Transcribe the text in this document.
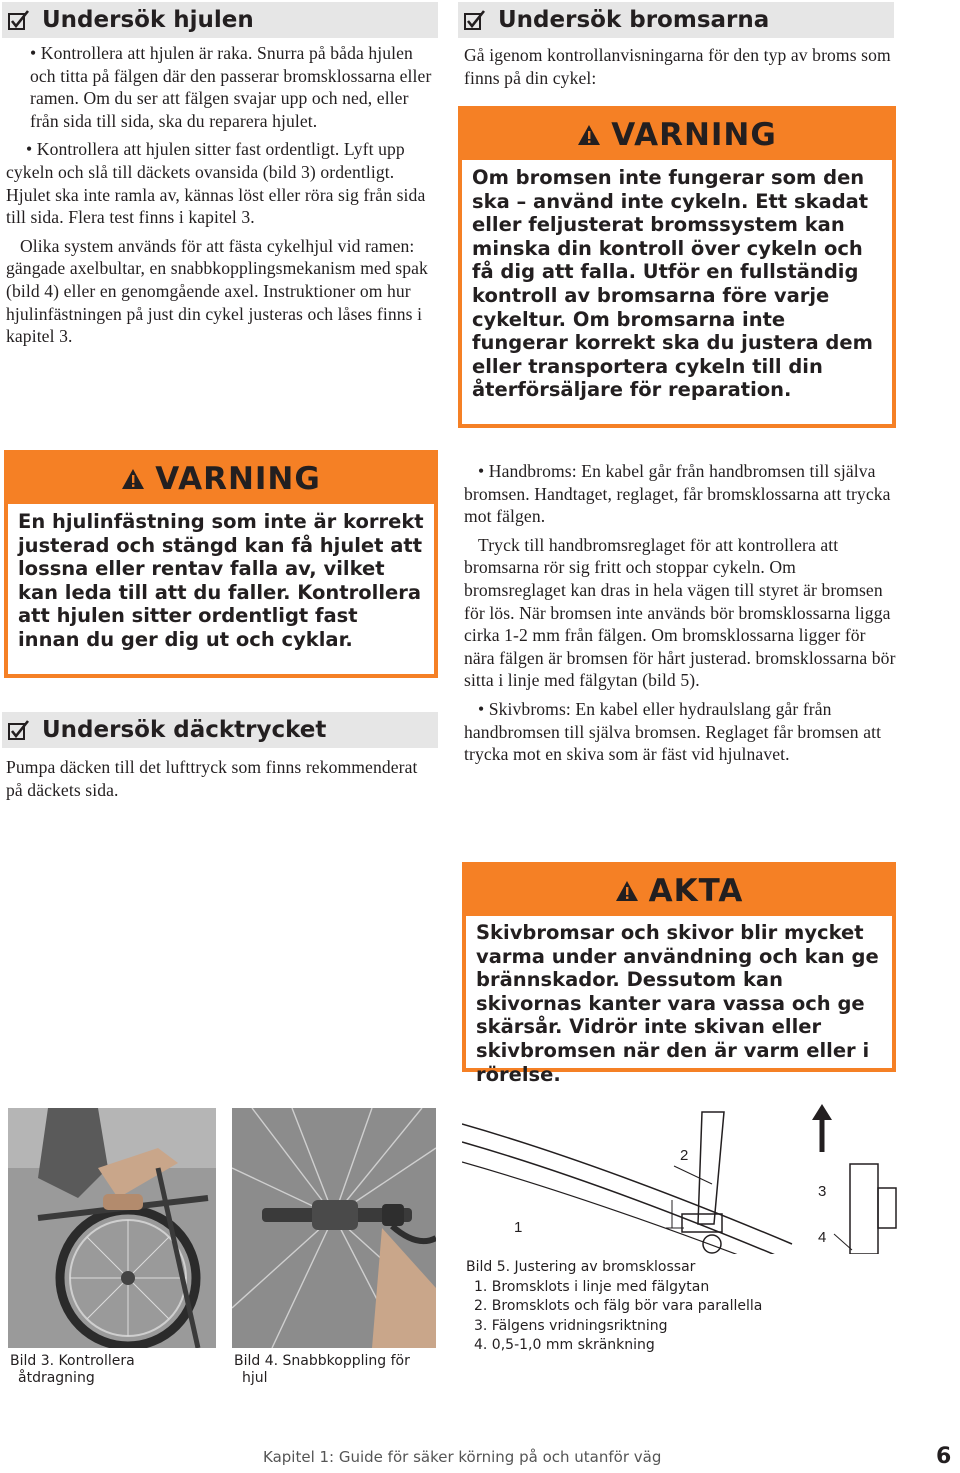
Undersök hjulen

• Kontrollera att hjulen är raka. Snurra på båda hjulen och titta på fälgen där den passerar bromsklossarna eller ramen. Om du ser att fälgen svajar upp och ned, eller från sida till sida, ska du reparera hjulet.

• Kontrollera att hjulen sitter fast ordentligt. Lyft upp cykeln och slå till däckets ovansida (bild 3) ordentligt. Hjulet ska inte ramla av, kännas löst eller röra sig från sida till sida. Flera test finns i kapitel 3.

Olika system används för att fästa cykelhjul vid ramen: gängade axelbultar, en snabbkopplingsmekanism med spak (bild 4) eller en genomgående axel. Instruktioner om hur hjulinfästningen på just din cykel justeras och låses finns i kapitel 3.

VARNING
En hjulinfästning som inte är korrekt justerad och stängd kan få hjulet att lossna eller rentav falla av, vilket kan leda till att du faller. Kontrollera att hjulen sitter ordentligt fast innan du ger dig ut och cyklar.
Undersök däcktrycket

Pumpa däcken till det lufttryck som finns rekommenderat på däckets sida.

Undersök bromsarna

Gå igenom kontrollanvisningarna för den typ av broms som finns på din cykel:

VARNING
Om bromsen inte fungerar som den ska – använd inte cykeln. Ett skadat eller feljusterat bromssystem kan minska din kontroll över cykeln och få dig att falla. Utför en fullständig kontroll av bromsarna före varje cykeltur. Om bromsarna inte fungerar korrekt ska du justera dem eller transportera cykeln till din återförsäljare för reparation.

• Handbroms: En kabel går från handbromsen till själva bromsen. Handtaget, reglaget, får bromsklossarna att trycka mot fälgen.

Tryck till handbromsreglaget för att kontrollera att bromsarna rör sig fritt och stoppar cykeln. Om bromsreglaget kan dras in hela vägen till styret är bromsen för lös. När bromsen inte används bör bromsklossarna ligga cirka 1-2 mm från fälgen. Om bromsklossarna ligger för nära fälgen är bromsen för hårt justerad. bromsklossarna bör sitta i linje med fälgytan (bild 5).

• Skivbroms: En kabel eller hydraulslang går från handbromsen till själva bromsen. Reglaget får bromsen att trycka mot en skiva som är fäst vid hjulnavet.

AKTA
Skivbromsar och skivor blir mycket varma under användning och kan ge brännskador. Dessutom kan skivornas kanter vara vassa och ge skärsår. Vidrör inte skivan eller skivbromsen när den är varm eller i rörelse.
Bild 3. Kontrollera
åtdragning
Bild 4. Snabbkoppling för
hjul
2
1
3
4
Bild 5. Justering av bromsklossar
1. Bromsklots i linje med fälgytan
2. Bromsklots och fälg bör vara parallella
3. Fälgens vridningsriktning
4. 0,5-1,0 mm skränkning
Kapitel 1: Guide för säker körning på och utanför väg	6
